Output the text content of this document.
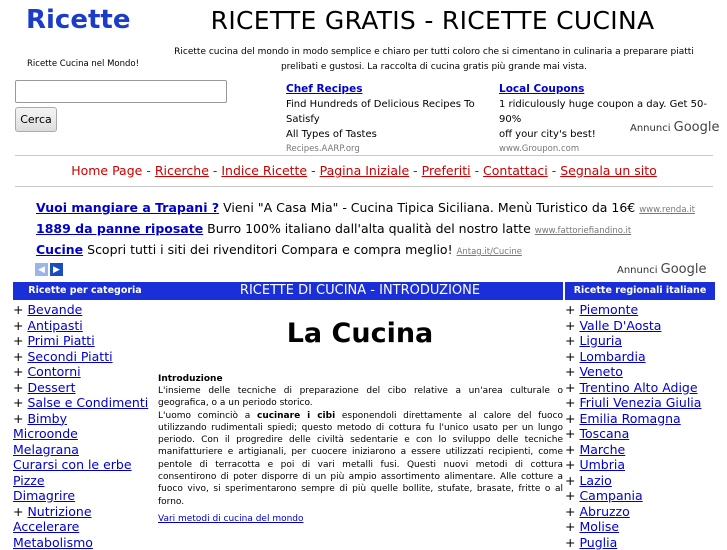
Ricette
Ricette Cucina nel Mondo!
RICETTE GRATIS - RICETTE CUCINA
Ricette cucina del mondo in modo semplice e chiaro per tutti coloro che si cimentano in culinaria a preparare piatti prelibati e gustosi. La raccolta di cucina gratis più grande mai vista.
Cerca
Chef Recipes
Find Hundreds of Delicious Recipes To Satisfy
All Types of Tastes
Recipes.AARP.org
Local Coupons
1 ridiculously huge coupon a day. Get 50-90%
off your city's best!
www.Groupon.com
Annunci Google
Home Page - Ricerche - Indice Ricette - Pagina Iniziale - Preferiti - Contattaci - Segnala un sito
Vuoi mangiare a Trapani ? Vieni "A Casa Mia" - Cucina Tipica Siciliana. Menù Turistico da 16€ www.renda.it
1889 da panne riposate Burro 100% italiano dall'alta qualità del nostro latte www.fattoriefiandino.it
Cucine Scopri tutti i siti dei rivenditori Compara e compra meglio! Antag.it/Cucine
◀ ▶	Annunci Google
Ricette per categoria
+ Bevande
+ Antipasti
+ Primi Piatti
+ Secondi Piatti
+ Contorni
+ Dessert
+ Salse e Condimenti
+ Bimby
Microonde
Melagrana
Curarsi con le erbe
Pizze
Dimagrire
+ Nutrizione
Accelerare
Metabolismo
RICETTE DI CUCINA - INTRODUZIONE
La Cucina
Introduzione
L'insieme delle tecniche di preparazione del cibo relative a un'area culturale o geografica, o a un periodo storico.
L'uomo cominciò a cucinare i cibi esponendoli direttamente al calore del fuoco utilizzando rudimentali spiedi; questo metodo di cottura fu l'unico usato per un lungo periodo. Con il progredire delle civiltà sedentarie e con lo sviluppo delle tecniche manifatturiere e artigianali, per cuocere iniziarono a essere utilizzati recipienti, come pentole di terracotta e poi di vari metalli fusi. Questi nuovi metodi di cottura consentirono di poter disporre di un più ampio assortimento alimentare. Alle cotture a fuoco vivo, si sperimentarono sempre di più quelle bollite, stufate, brasate, fritte o al forno.
Vari metodi di cucina del mondo
Ricette regionali italiane
+ Piemonte
+ Valle D'Aosta
+ Liguria
+ Lombardia
+ Veneto
+ Trentino Alto Adige
+ Friuli Venezia Giulia
+ Emilia Romagna
+ Toscana
+ Marche
+ Umbria
+ Lazio
+ Campania
+ Abruzzo
+ Molise
+ Puglia
